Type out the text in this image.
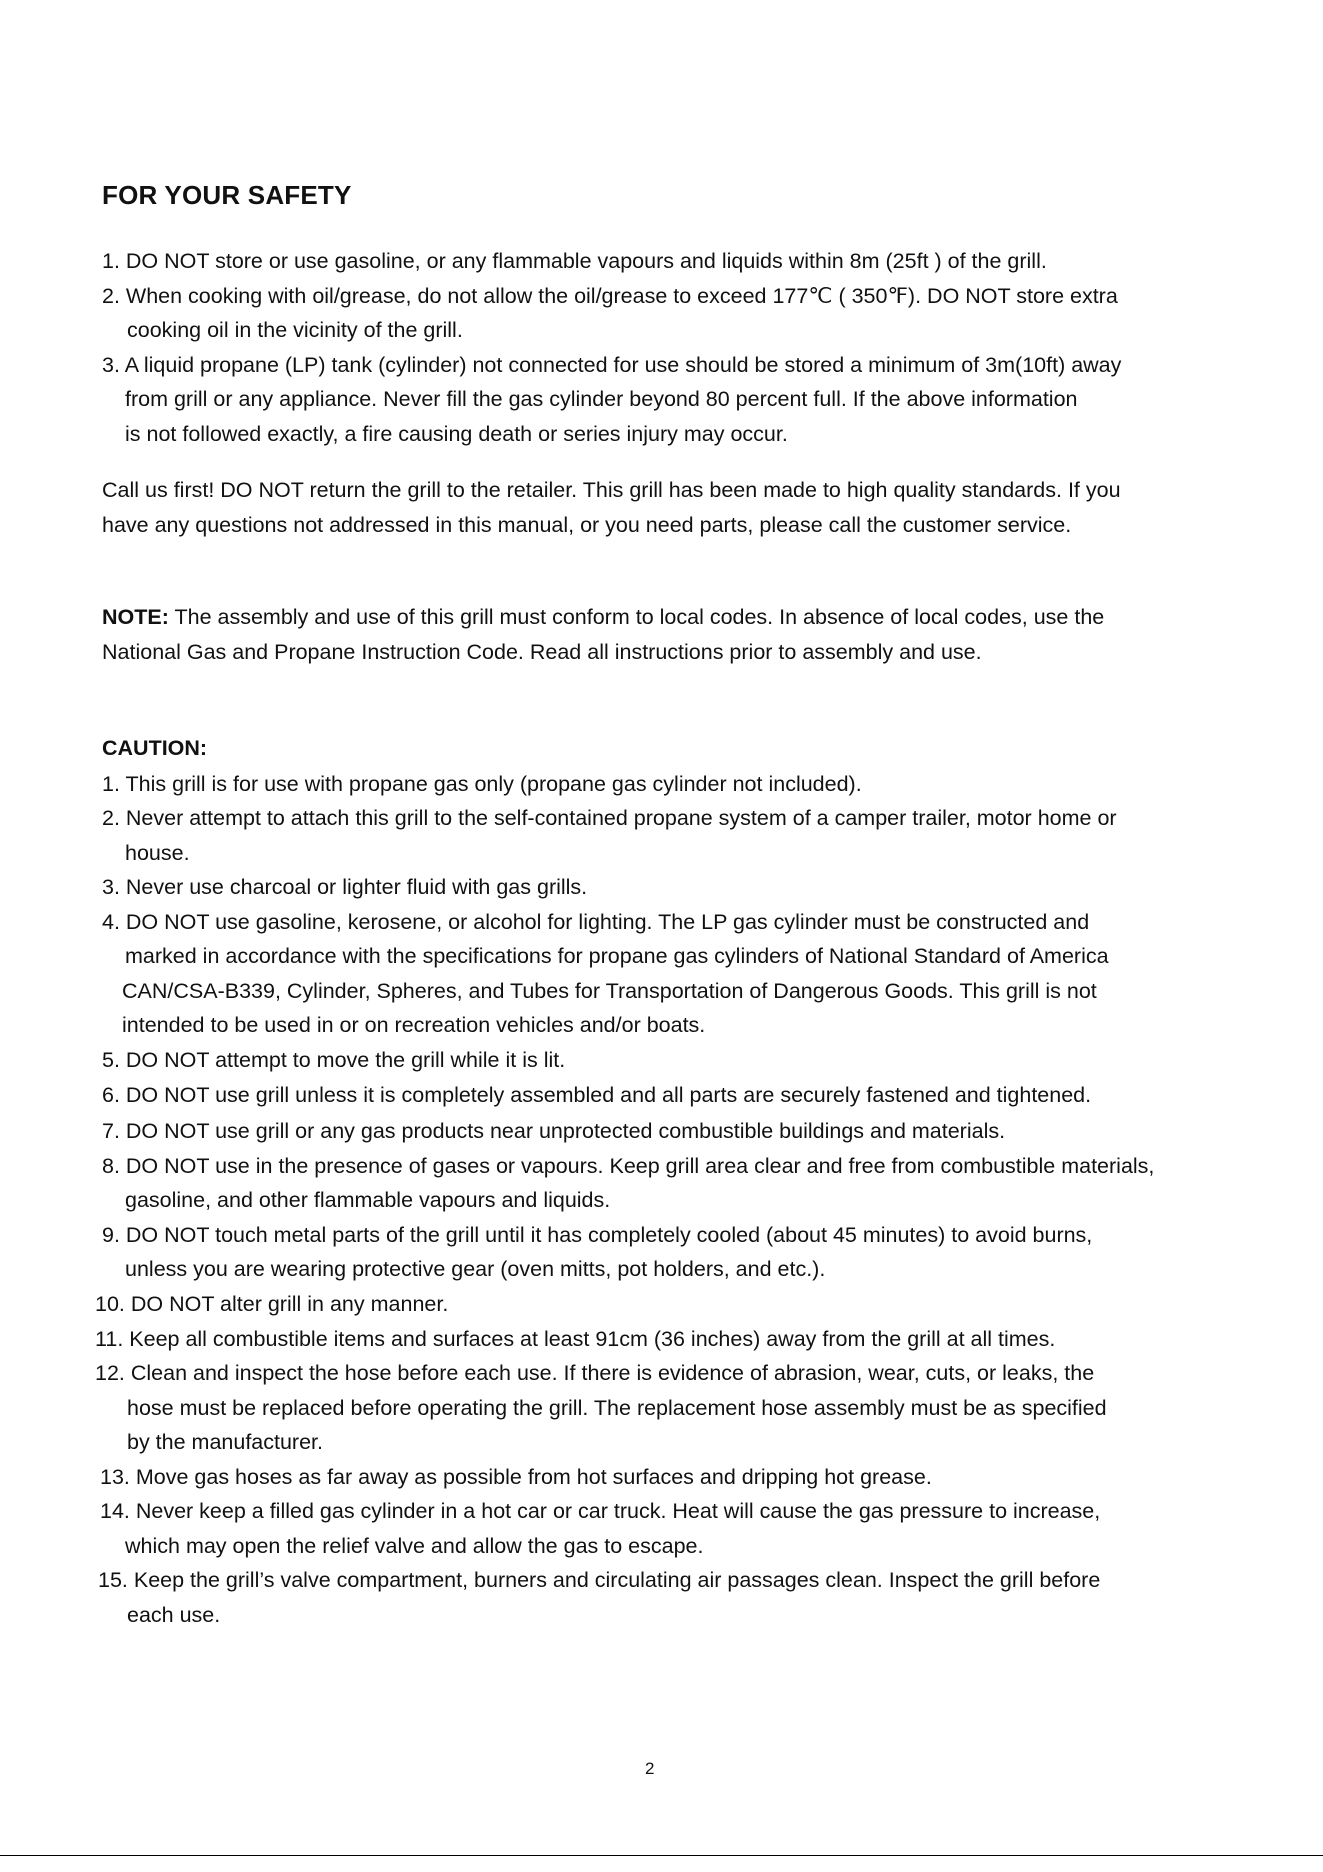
FOR YOUR SAFETY
1. DO NOT store or use gasoline, or any flammable vapours and liquids within 8m (25ft ) of the grill.
2. When cooking with oil/grease, do not allow the oil/grease to exceed 177℃ ( 350℉). DO NOT store extra
cooking oil in the vicinity of the grill.
3. A liquid propane (LP) tank (cylinder) not connected for use should be stored a minimum of 3m(10ft) away
from grill or any appliance. Never fill the gas cylinder beyond 80 percent full. If the above information
is not followed exactly, a fire causing death or series injury may occur.
Call us first! DO NOT return the grill to the retailer. This grill has been made to high quality standards. If you
have any questions not addressed in this manual, or you need parts, please call the customer service.
NOTE: The assembly and use of this grill must conform to local codes. In absence of local codes, use the
National Gas and Propane Instruction Code. Read all instructions prior to assembly and use.
CAUTION:
1. This grill is for use with propane gas only (propane gas cylinder not included).
2. Never attempt to attach this grill to the self-contained propane system of a camper trailer, motor home or
house.
3. Never use charcoal or lighter fluid with gas grills.
4. DO NOT use gasoline, kerosene, or alcohol for lighting. The LP gas cylinder must be constructed and
marked in accordance with the specifications for propane gas cylinders of National Standard of America
CAN/CSA-B339, Cylinder, Spheres, and Tubes for Transportation of Dangerous Goods. This grill is not
intended to be used in or on recreation vehicles and/or boats.
5. DO NOT attempt to move the grill while it is lit.
6. DO NOT use grill unless it is completely assembled and all parts are securely fastened and tightened.
7. DO NOT use grill or any gas products near unprotected combustible buildings and materials.
8. DO NOT use in the presence of gases or vapours. Keep grill area clear and free from combustible materials,
gasoline, and other flammable vapours and liquids.
9. DO NOT touch metal parts of the grill until it has completely cooled (about 45 minutes) to avoid burns,
unless you are wearing protective gear (oven mitts, pot holders, and etc.).
10. DO NOT alter grill in any manner.
11. Keep all combustible items and surfaces at least 91cm (36 inches) away from the grill at all times.
12. Clean and inspect the hose before each use. If there is evidence of abrasion, wear, cuts, or leaks, the
hose must be replaced before operating the grill. The replacement hose assembly must be as specified
by the manufacturer.
13. Move gas hoses as far away as possible from hot surfaces and dripping hot grease.
14. Never keep a filled gas cylinder in a hot car or car truck. Heat will cause the gas pressure to increase,
which may open the relief valve and allow the gas to escape.
15. Keep the grill’s valve compartment, burners and circulating air passages clean. Inspect the grill before
each use.
2
